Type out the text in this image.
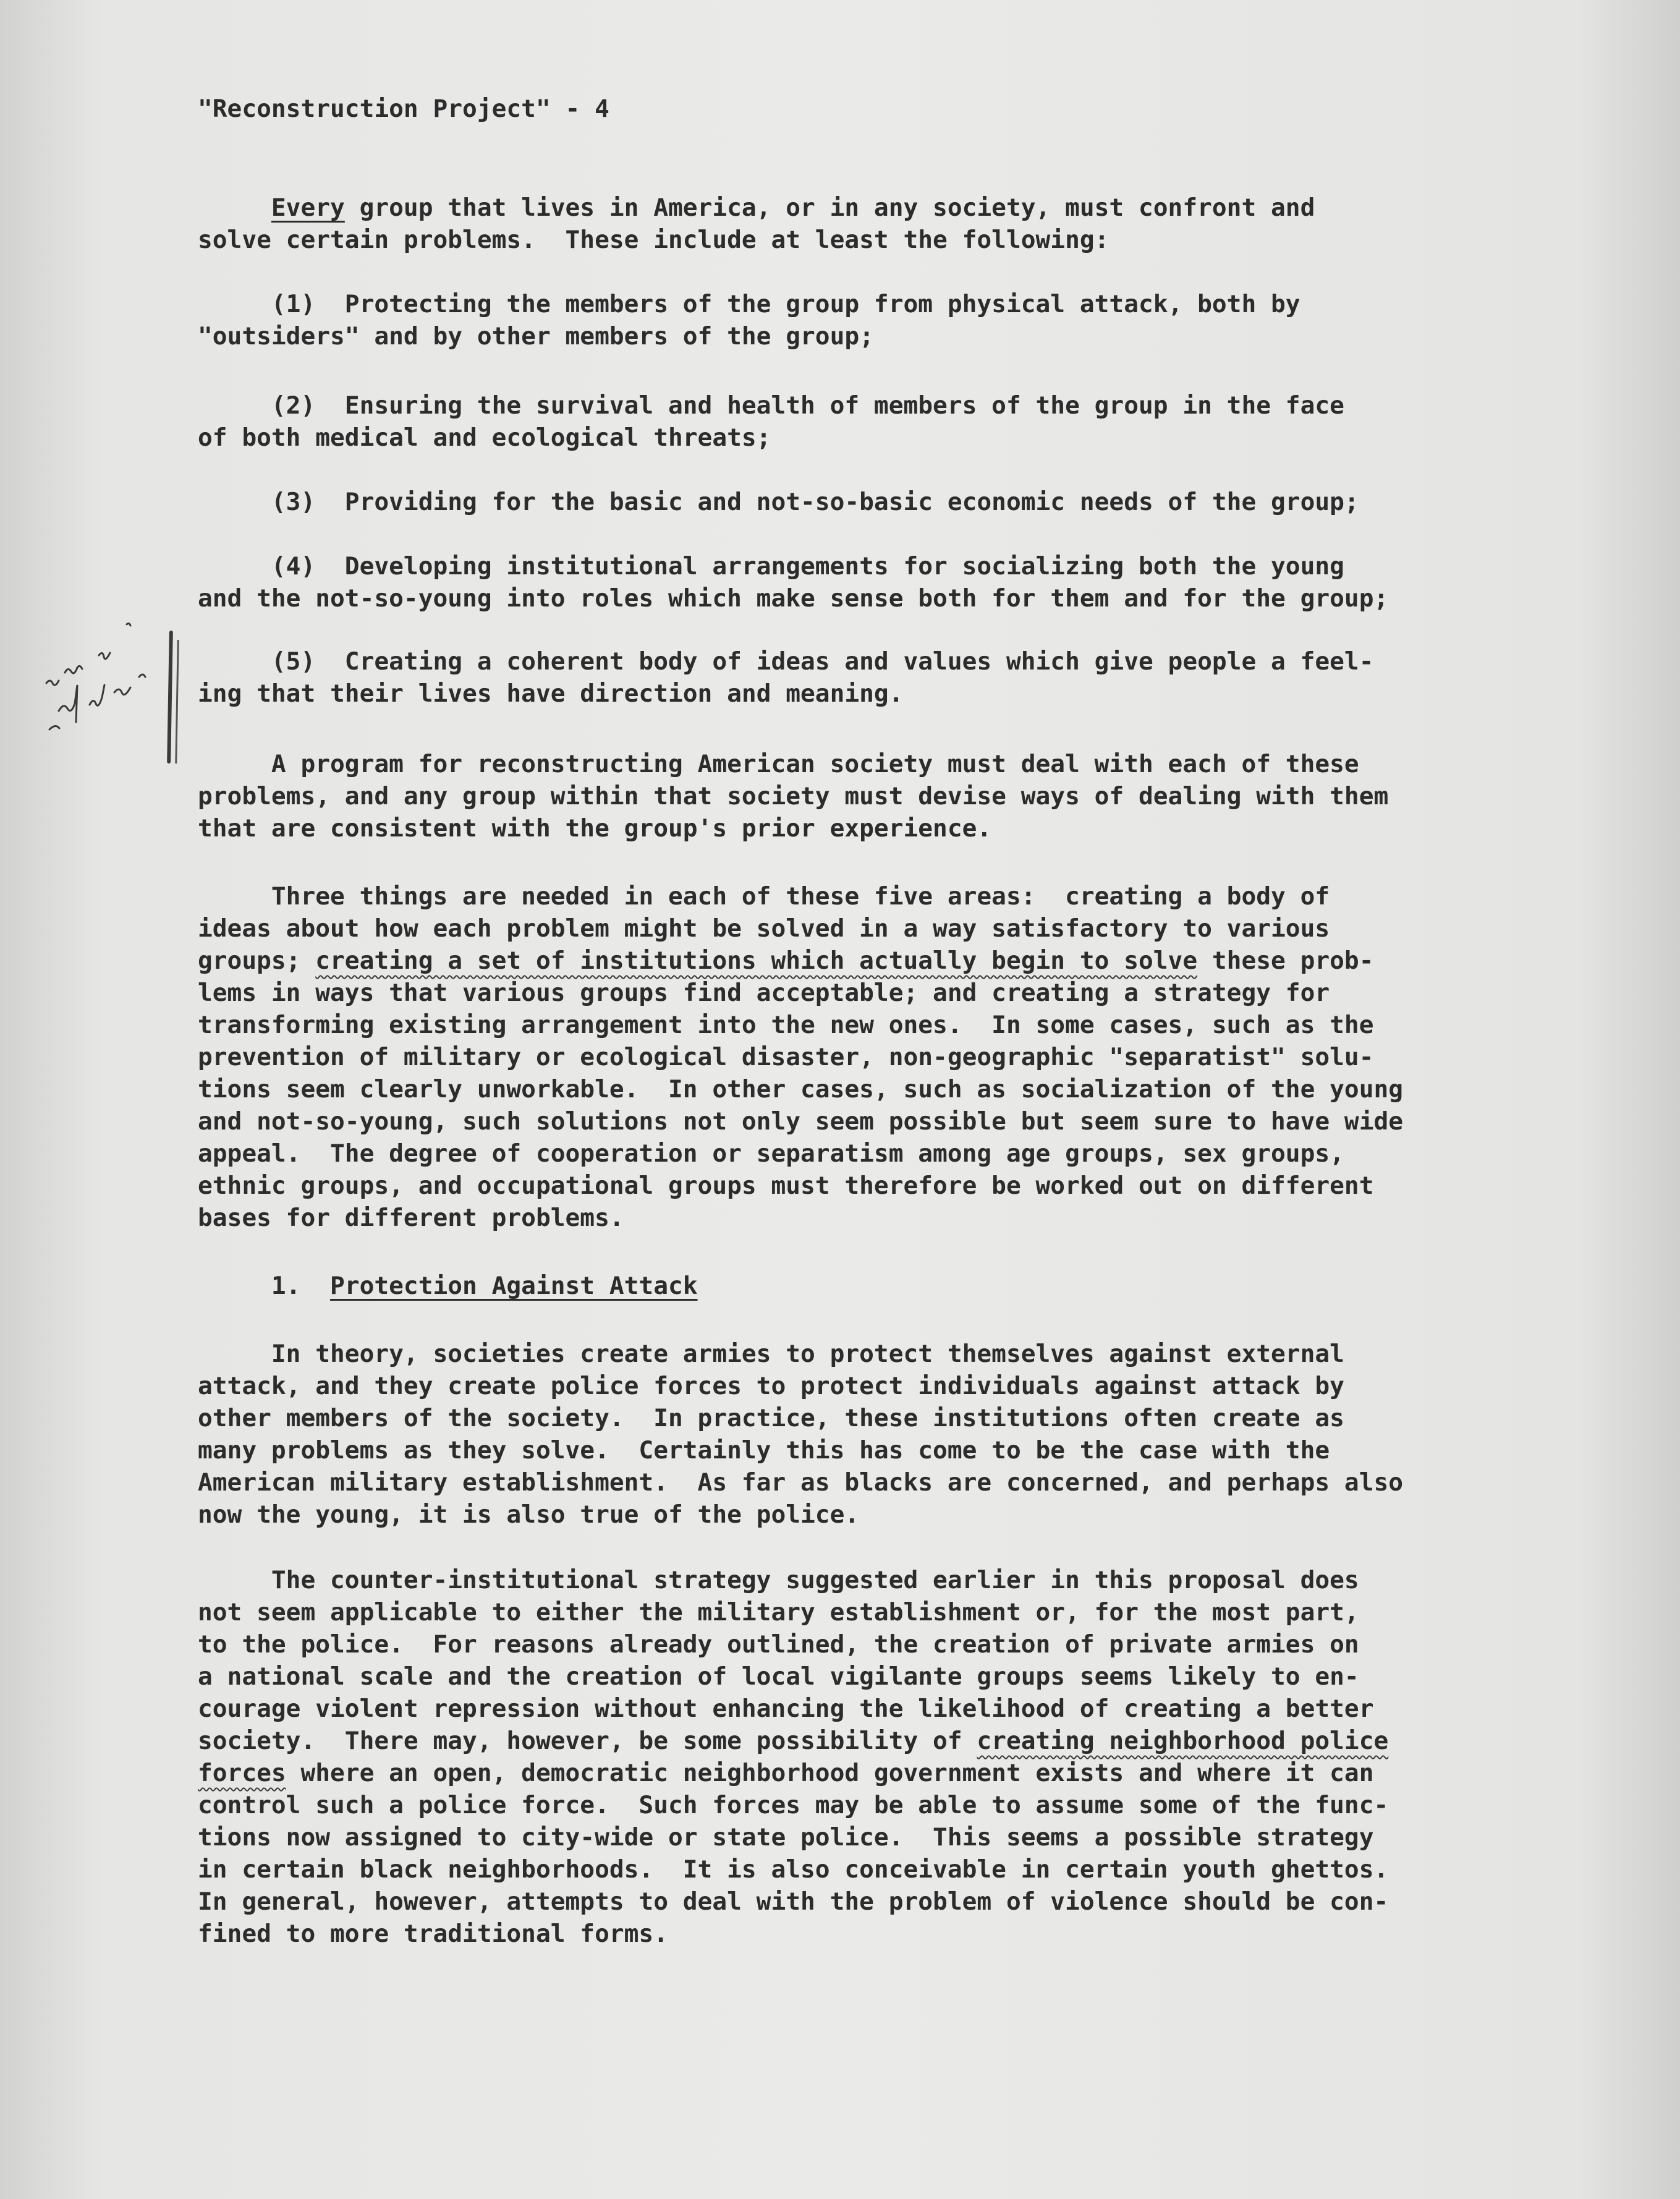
"Reconstruction Project" - 4
Every group that lives in America, or in any society, must confront and
solve certain problems.  These include at least the following:
(1)  Protecting the members of the group from physical attack, both by
"outsiders" and by other members of the group;
(2)  Ensuring the survival and health of members of the group in the face
of both medical and ecological threats;
(3)  Providing for the basic and not-so-basic economic needs of the group;
(4)  Developing institutional arrangements for socializing both the young
and the not-so-young into roles which make sense both for them and for the group;
(5)  Creating a coherent body of ideas and values which give people a feel-
ing that their lives have direction and meaning.
A program for reconstructing American society must deal with each of these
problems, and any group within that society must devise ways of dealing with them
that are consistent with the group's prior experience.
Three things are needed in each of these five areas:  creating a body of
ideas about how each problem might be solved in a way satisfactory to various
groups; creating a set of institutions which actually begin to solve these prob-
lems in ways that various groups find acceptable; and creating a strategy for
transforming existing arrangement into the new ones.  In some cases, such as the
prevention of military or ecological disaster, non-geographic "separatist" solu-
tions seem clearly unworkable.  In other cases, such as socialization of the young
and not-so-young, such solutions not only seem possible but seem sure to have wide
appeal.  The degree of cooperation or separatism among age groups, sex groups,
ethnic groups, and occupational groups must therefore be worked out on different
bases for different problems.
1.  Protection Against Attack
In theory, societies create armies to protect themselves against external
attack, and they create police forces to protect individuals against attack by
other members of the society.  In practice, these institutions often create as
many problems as they solve.  Certainly this has come to be the case with the
American military establishment.  As far as blacks are concerned, and perhaps also
now the young, it is also true of the police.
The counter-institutional strategy suggested earlier in this proposal does
not seem applicable to either the military establishment or, for the most part,
to the police.  For reasons already outlined, the creation of private armies on
a national scale and the creation of local vigilante groups seems likely to en-
courage violent repression without enhancing the likelihood of creating a better
society.  There may, however, be some possibility of creating neighborhood police
forces where an open, democratic neighborhood government exists and where it can
control such a police force.  Such forces may be able to assume some of the func-
tions now assigned to city-wide or state police.  This seems a possible strategy
in certain black neighborhoods.  It is also conceivable in certain youth ghettos.
In general, however, attempts to deal with the problem of violence should be con-
fined to more traditional forms.
